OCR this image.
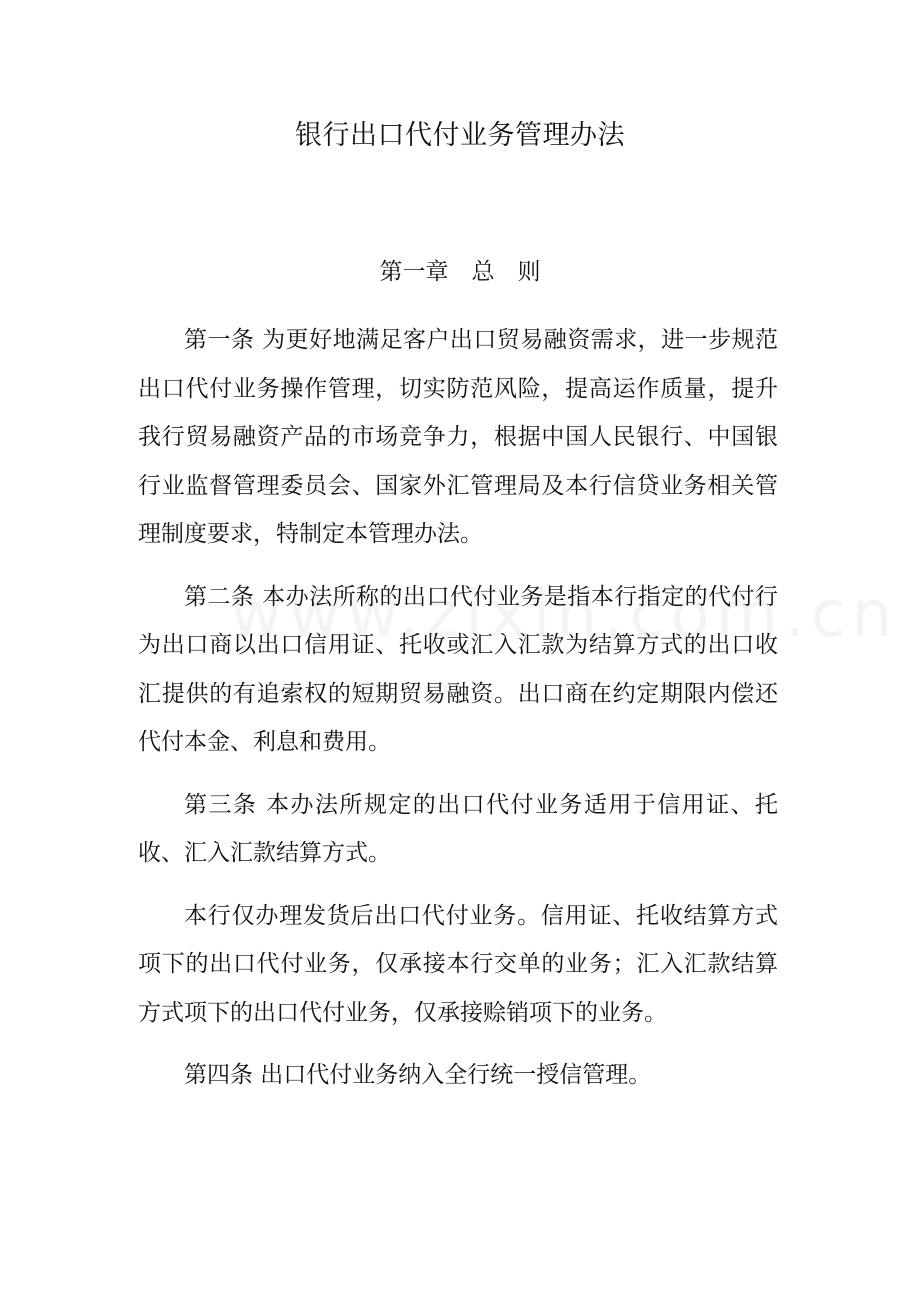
银行出口代付业务管理办法
第一章　总　则

第一条 为更好地满足客户出口贸易融资需求，进一步规范出口代付业务操作管理，切实防范风险，提高运作质量，提升我行贸易融资产品的市场竞争力，根据中国人民银行、中国银行业监督管理委员会、国家外汇管理局及本行信贷业务相关管理制度要求，特制定本管理办法。

第二条 本办法所称的出口代付业务是指本行指定的代付行为出口商以出口信用证、托收或汇入汇款为结算方式的出口收汇提供的有追索权的短期贸易融资。出口商在约定期限内偿还代付本金、利息和费用。

第三条 本办法所规定的出口代付业务适用于信用证、托收、汇入汇款结算方式。

本行仅办理发货后出口代付业务。信用证、托收结算方式项下的出口代付业务，仅承接本行交单的业务；汇入汇款结算方式项下的出口代付业务，仅承接赊销项下的业务。

第四条 出口代付业务纳入全行统一授信管理。
